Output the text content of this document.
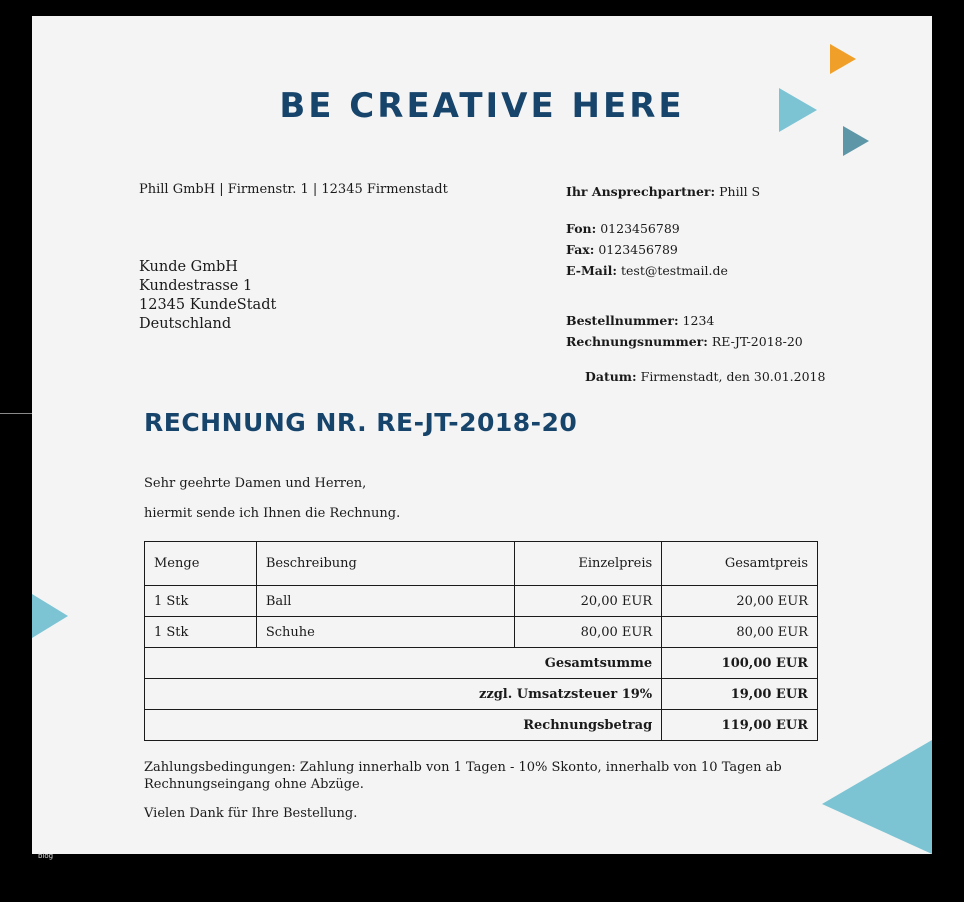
BE CREATIVE HERE
Phill GmbH | Firmenstr. 1 | 12345 Firmenstadt
Kunde GmbH
Kundestrasse 1
12345 KundeStadt
Deutschland
Ihr Ansprechpartner: Phill S
Fon: 0123456789
Fax: 0123456789
E-Mail: test@testmail.de
Bestellnummer: 1234
Rechnungsnummer: RE-JT-2018-20
Datum: Firmenstadt, den 30.01.2018
RECHNUNG NR. RE-JT-2018-20
Sehr geehrte Damen und Herren,
hiermit sende ich Ihnen die Rechnung.
Menge	Beschreibung	Einzelpreis	Gesamtpreis
1 Stk	Ball	20,00 EUR	20,00 EUR
1 Stk	Schuhe	80,00 EUR	80,00 EUR
Gesamtsumme			100,00 EUR
zzgl. Umsatzsteuer 19%			19,00 EUR
Rechnungsbetrag			119,00 EUR
Zahlungsbedingungen: Zahlung innerhalb von 1 Tagen - 10% Skonto, innerhalb von 10 Tagen ab Rechnungseingang ohne Abzüge.
Vielen Dank für Ihre Bestellung.
blog
